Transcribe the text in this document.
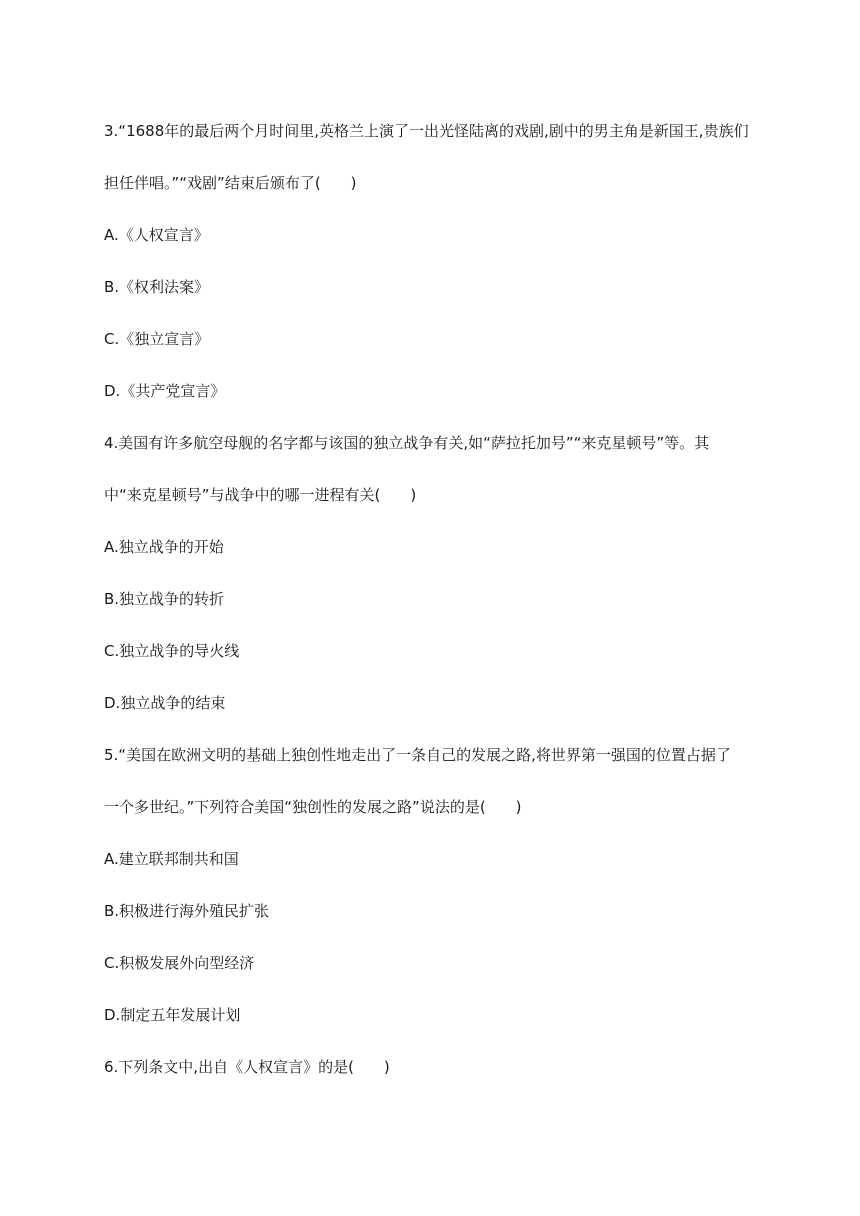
3.“1688年的最后两个月时间里,英格兰上演了一出光怪陆离的戏剧,剧中的男主角是新国王,贵族们
担任伴唱。”“戏剧”结束后颁布了(　　)
A.《人权宣言》
B.《权利法案》
C.《独立宣言》
D.《共产党宣言》
4.美国有许多航空母舰的名字都与该国的独立战争有关,如“萨拉托加号”“来克星顿号”等。其
中“来克星顿号”与战争中的哪一进程有关(　　)
A.独立战争的开始
B.独立战争的转折
C.独立战争的导火线
D.独立战争的结束
5.“美国在欧洲文明的基础上独创性地走出了一条自己的发展之路,将世界第一强国的位置占据了
一个多世纪。”下列符合美国“独创性的发展之路”说法的是(　　)
A.建立联邦制共和国
B.积极进行海外殖民扩张
C.积极发展外向型经济
D.制定五年发展计划
6.下列条文中,出自《人权宣言》的是(　　)
